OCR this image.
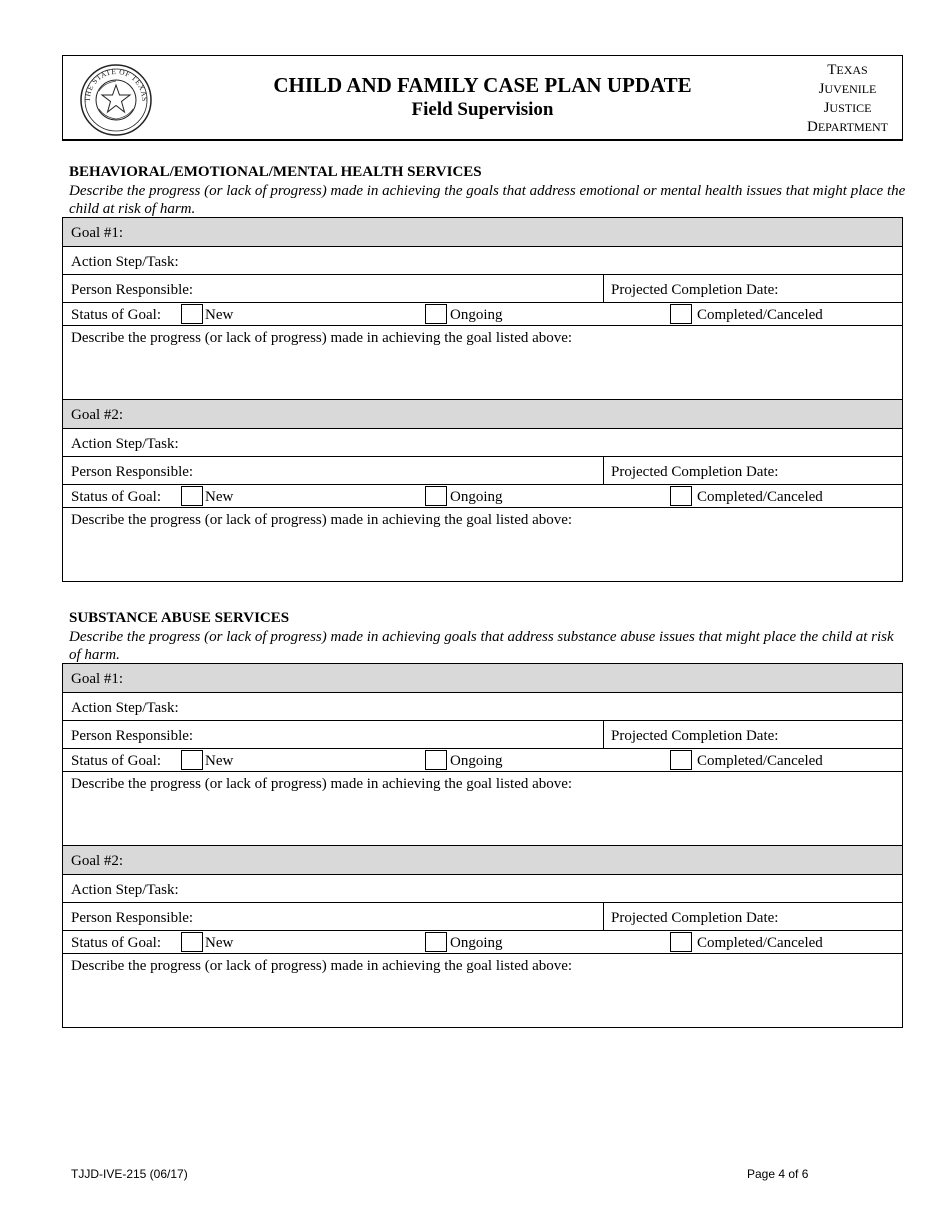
THE STATE OF TEXAS
CHILD AND FAMILY CASE PLAN UPDATE
Field Supervision
TEXAS
JUVENILE
JUSTICE
DEPARTMENT
BEHAVIORAL/EMOTIONAL/MENTAL HEALTH SERVICES
Describe the progress (or lack of progress) made in achieving the goals that address emotional or mental health issues that might place the child at risk of harm.
Goal #1:
Action Step/Task:
Person Responsible:	Projected Completion Date:
Status of Goal:	New	Ongoing	Completed/Canceled
Describe the progress (or lack of progress) made in achieving the goal listed above:
Goal #2:
Action Step/Task:
Person Responsible:	Projected Completion Date:
Status of Goal:	New	Ongoing	Completed/Canceled
Describe the progress (or lack of progress) made in achieving the goal listed above:
SUBSTANCE ABUSE SERVICES
Describe the progress (or lack of progress) made in achieving goals that address substance abuse issues that might place the child at risk of harm.
Goal #1:
Action Step/Task:
Person Responsible:	Projected Completion Date:
Status of Goal:	New	Ongoing	Completed/Canceled
Describe the progress (or lack of progress) made in achieving the goal listed above:
Goal #2:
Action Step/Task:
Person Responsible:	Projected Completion Date:
Status of Goal:	New	Ongoing	Completed/Canceled
Describe the progress (or lack of progress) made in achieving the goal listed above:
TJJD-IVE-215 (06/17)	Page 4 of 6
